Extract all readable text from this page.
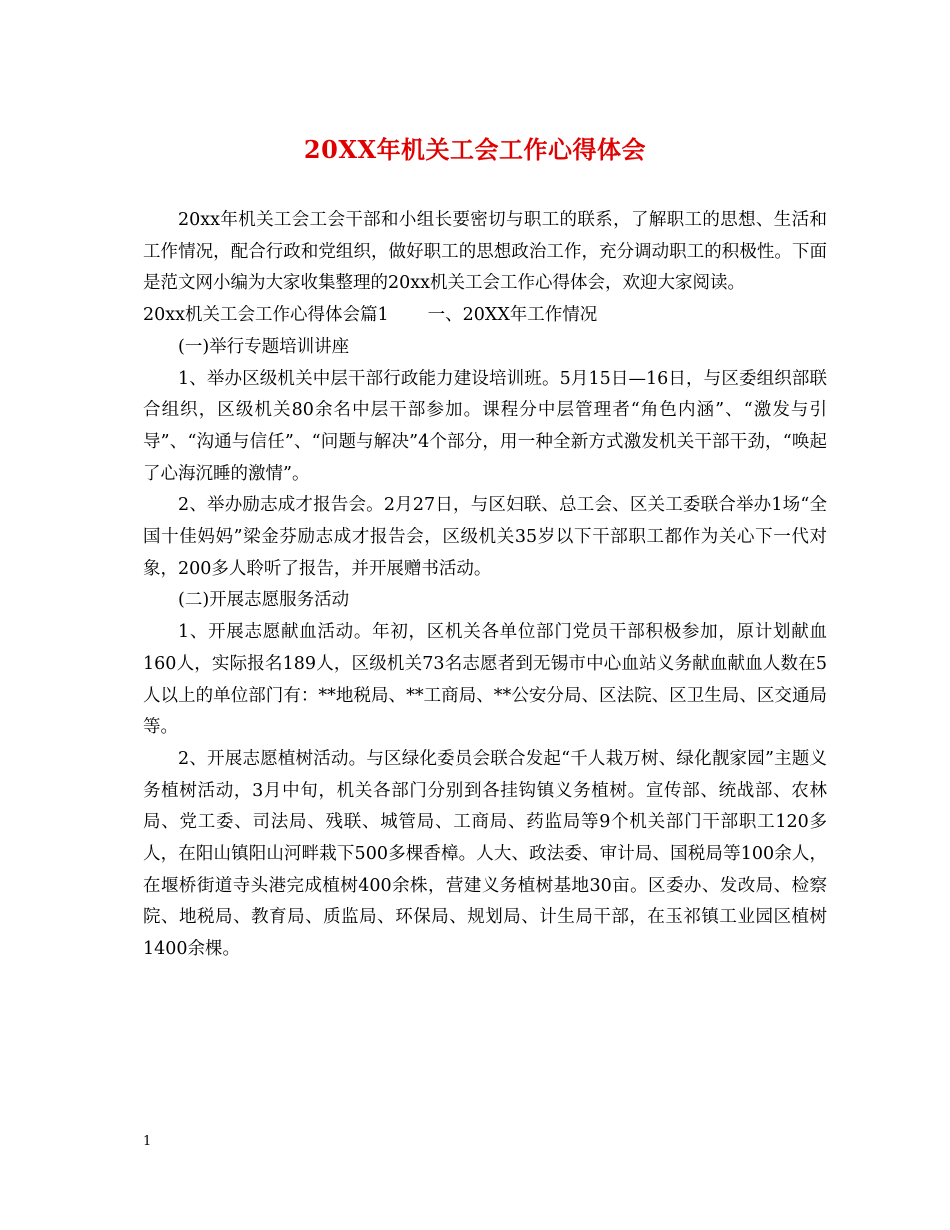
20XX年机关工会工作心得体会

20xx年机关工会工会干部和小组长要密切与职工的联系，了解职工的思想、生活和工作情况，配合行政和党组织，做好职工的思想政治工作，充分调动职工的积极性。下面是范文网小编为大家收集整理的20xx机关工会工作心得体会，欢迎大家阅读。

20xx机关工会工作心得体会篇1 一、20XX年工作情况

(一)举行专题培训讲座

1、举办区级机关中层干部行政能力建设培训班。5月15日—16日，与区委组织部联合组织，区级机关80余名中层干部参加。课程分中层管理者“角色内涵”、“激发与引导”、“沟通与信任”、“问题与解决”4个部分，用一种全新方式激发机关干部干劲，“唤起了心海沉睡的激情”。

2、举办励志成才报告会。2月27日，与区妇联、总工会、区关工委联合举办1场“全国十佳妈妈”梁金芬励志成才报告会，区级机关35岁以下干部职工都作为关心下一代对象，200多人聆听了报告，并开展赠书活动。

(二)开展志愿服务活动

1、开展志愿献血活动。年初，区机关各单位部门党员干部积极参加，原计划献血160人，实际报名189人，区级机关73名志愿者到无锡市中心血站义务献血献血人数在5人以上的单位部门有：**地税局、**工商局、**公安分局、区法院、区卫生局、区交通局等。

2、开展志愿植树活动。与区绿化委员会联合发起“千人栽万树、绿化靓家园”主题义务植树活动，3月中旬，机关各部门分别到各挂钩镇义务植树。宣传部、统战部、农林局、党工委、司法局、残联、城管局、工商局、药监局等9个机关部门干部职工120多人，在阳山镇阳山河畔栽下500多棵香樟。人大、政法委、审计局、国税局等100余人，在堰桥街道寺头港完成植树400余株，营建义务植树基地30亩。区委办、发改局、检察院、地税局、教育局、质监局、环保局、规划局、计生局干部，在玉祁镇工业园区植树1400余棵。

1
